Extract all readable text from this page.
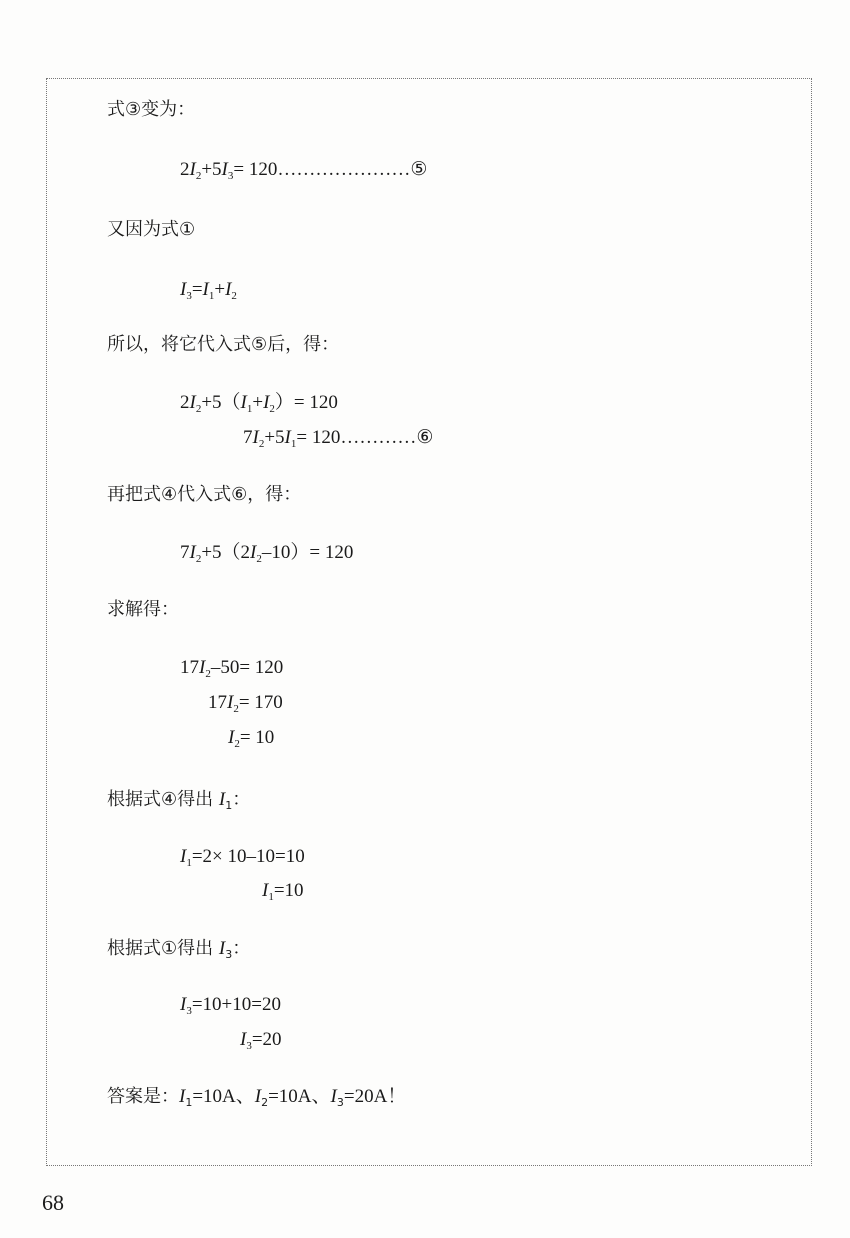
式③变为：
$2I_2+5I_3=$ 120…………………⑤
又因为式①
$I_3=I_1+I_2$
所以，将它代入式⑤后，得：
$2I_2+5(I_1+I_2)= 120$
$7I_2+5I_1=$ 120…………⑥
再把式④代入式⑥，得：
$7I_2+5(2I_2-10)= 120$
求解得：
$17I_2-50= 120$
$17I_2= 170$
$I_2= 10$
根据式④得出 $I_1$：
$I_1=2\times 10-10=10$
$I_1=10$
根据式①得出 $I_3$：
$I_3=10+10=20$
$I_3=20$
答案是：$I_1=10A$、$I_2=10A$、$I_3=20A$！
68
